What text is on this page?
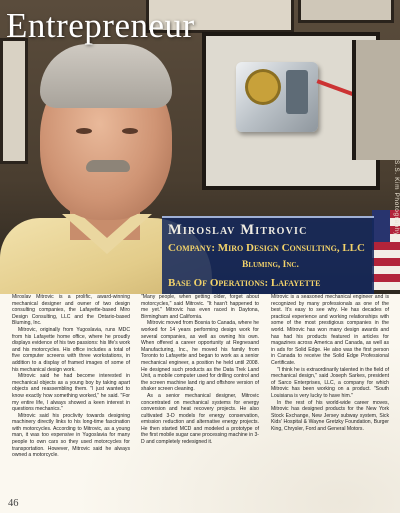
Entrepreneur
S.S. Kim Photography
Miroslav Mitrovic
Company: Miro Design Consulting, LLC
Bluming, Inc.
Base Of Operations: Lafayette

Miroslav Mitrovic is a prolific, award-winning mechanical designer and owner of two design consulting companies, the Lafayette-based Miro Design Consulting, LLC and the Ontario-based Bluming, Inc.

Mitrovic, originally from Yugoslavia, runs MDC from his Lafayette home office, where he proudly displays evidence of his two passions: his life's work and his motorcycles. His office includes a total of five computer screens with three workstations, in addition to a display of framed images of some of his mechanical design work.

Mitrovic said he had become interested in mechanical objects as a young boy by taking apart objects and reassembling them. "I just wanted to know exactly how something worked," he said. "For my entire life, I always showed a keen interest in questions mechanics."

Mitrovic said his proclivity towards designing machinery directly links to his long-time fascination with motorcycles. According to Mitrovic, as a young man, it was too expensive in Yugoslavia for many people to own cars so they used motorcycles for transportation. However, Mitrovic said he always owned a motorcycle.

"Many people, when getting older, forget about motorcycles," said Mitrovic. "It hasn't happened to me yet." Mitrovic has even raced in Daytona, Birmingham and California.

Mitrovic moved from Bosnia to Canada, where he worked for 14 years performing design work for several companies, as well as owning his own. When offered a career opportunity at Regnesand Manufacturing, Inc., he moved his family from Toronto to Lafayette and began to work as a senior mechanical engineer, a position he held until 2008. He designed such products as the Data Trek Land Unit, a mobile computer used for drilling control and the screen machine land rig and offshore version of shaker screen cleaning.

As a senior mechanical designer, Mitrovic concentrated on mechanical systems for energy conversion and heat recovery projects. He also cultivated 3-D models for energy conservation, emission reduction and alternative energy projects. He then started MCD and modeled a prototype of the first mobile sugar cane processing machine in 3-D and completely redesigned it.

Mitrovic is a seasoned mechanical engineer and is recognized by many professionals as one of the best. It's easy to see why. He has decades of practical experience and working relationships with some of the most prestigious companies in the world. Mitrovic has won many design awards and has had his products featured in articles for magazines across America and Canada, as well as in ads for Solid Edge. He also was the first person in Canada to receive the Solid Edge Professional Certificate.

"I think he is extraordinarily talented in the field of mechanical design," said Joseph Sarkes, president of Sarco Enterprises, LLC, a company for which Mitrovic has been working on a product. "South Louisiana is very lucky to have him."

In the rest of his world-wide career moves, Mitrovic has designed products for the New York Stock Exchange, New Jersey subway system, Sick Kids' Hospital & Wayne Gretzky Foundation, Burger King, Chrysler, Ford and General Motors.

46
